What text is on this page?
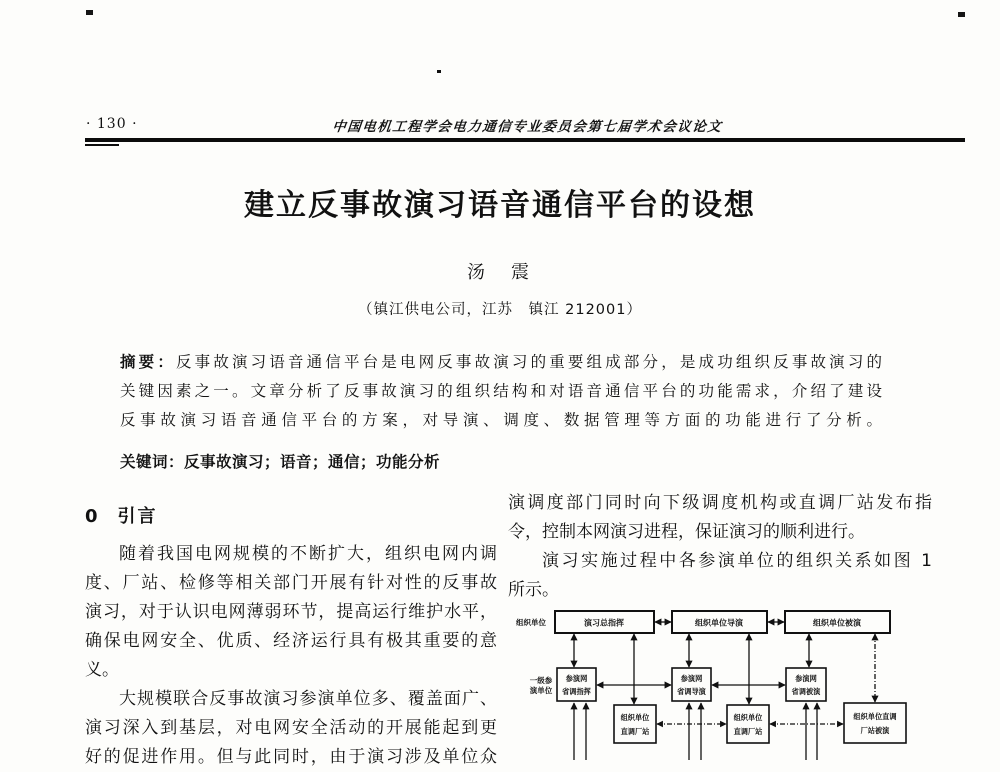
· 130 ·	中国电机工程学会电力通信专业委员会第七届学术会议论文
建立反事故演习语音通信平台的设想
汤　震
（镇江供电公司，江苏　镇江 212001）
摘要：反事故演习语音通信平台是电网反事故演习的重要组成部分，是成功组织反事故演习的
关键因素之一。文章分析了反事故演习的组织结构和对语音通信平台的功能需求，介绍了建设
反事故演习语音通信平台的方案，对导演、调度、数据管理等方面的功能进行了分析。
关键词：反事故演习；语音；通信；功能分析
0 引言
随着我国电网规模的不断扩大，组织电网内调
度、厂站、检修等相关部门开展有针对性的反事故
演习，对于认识电网薄弱环节，提高运行维护水平，
确保电网安全、优质、经济运行具有极其重要的意
义。
大规模联合反事故演习参演单位多、覆盖面广、
演习深入到基层，对电网安全活动的开展能起到更
好的促进作用。但与此同时，由于演习涉及单位众
演调度部门同时向下级调度机构或直调厂站发布指
令，控制本网演习进程，保证演习的顺利进行。
演习实施过程中各参演单位的组织关系如图 1
所示。
组织单位
一级参
演单位
演习总指挥	组织单位导演	组织单位被演
参演网
省调指挥
参演网
省调导演
参演网
省调被演
组织单位
直调厂站
组织单位
直调厂站
组织单位直调
厂站被演
